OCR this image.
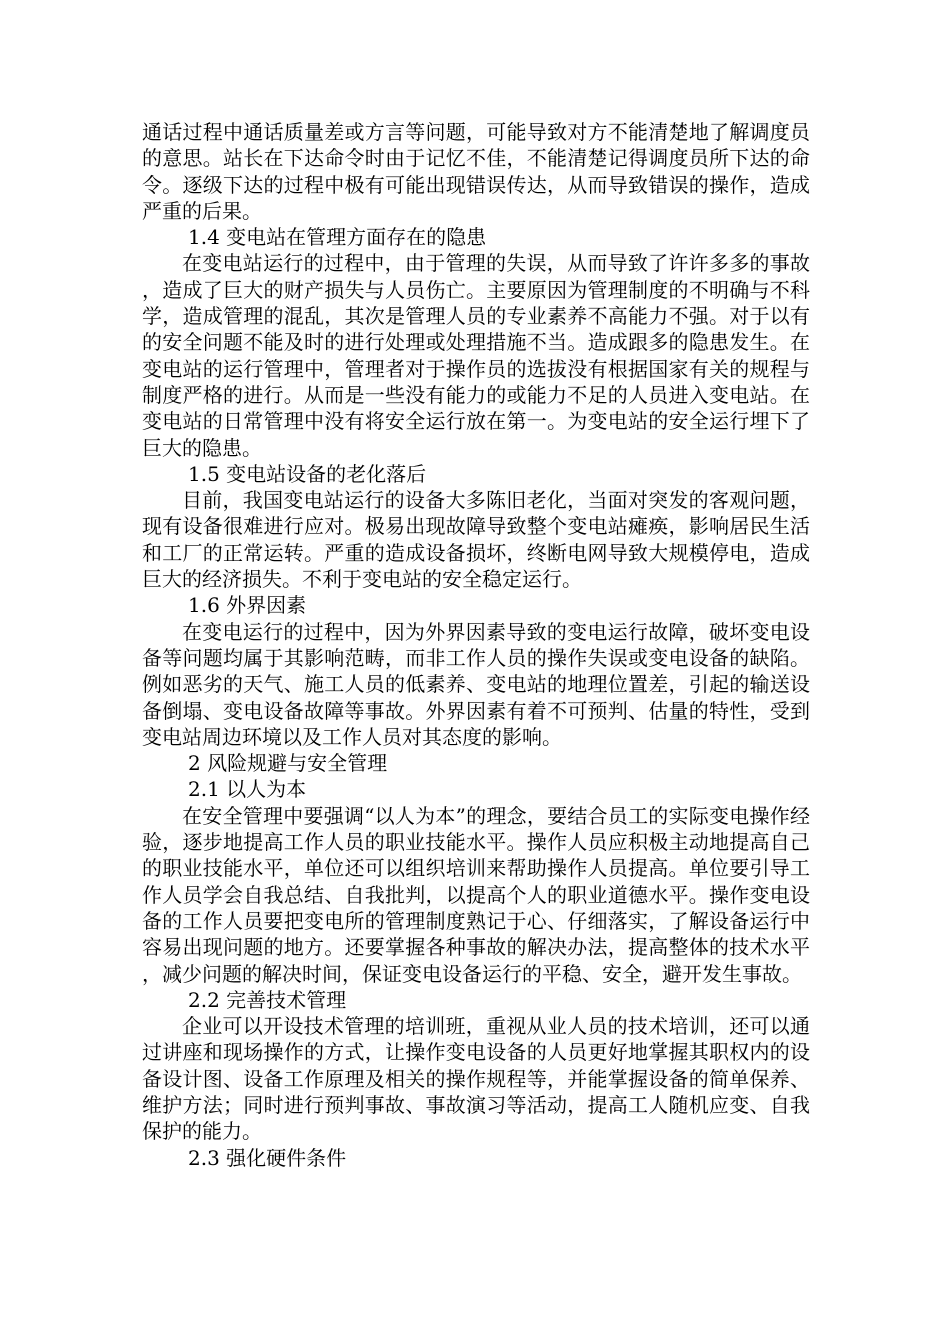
通话过程中通话质量差或方言等问题，可能导致对方不能清楚地了解调度员的意思。站长在下达命令时由于记忆不佳，不能清楚记得调度员所下达的命令。逐级下达的过程中极有可能出现错误传达，从而导致错误的操作，造成严重的后果。

1.4 变电站在管理方面存在的隐患

在变电站运行的过程中，由于管理的失误，从而导致了许许多多的事故，造成了巨大的财产损失与人员伤亡。主要原因为管理制度的不明确与不科学，造成管理的混乱，其次是管理人员的专业素养不高能力不强。对于以有的安全问题不能及时的进行处理或处理措施不当。造成跟多的隐患发生。在变电站的运行管理中，管理者对于操作员的选拔没有根据国家有关的规程与制度严格的进行。从而是一些没有能力的或能力不足的人员进入变电站。在变电站的日常管理中没有将安全运行放在第一。为变电站的安全运行埋下了巨大的隐患。

1.5 变电站设备的老化落后

目前，我国变电站运行的设备大多陈旧老化，当面对突发的客观问题，现有设备很难进行应对。极易出现故障导致整个变电站瘫痪，影响居民生活和工厂的正常运转。严重的造成设备损坏，终断电网导致大规模停电，造成巨大的经济损失。不利于变电站的安全稳定运行。

1.6 外界因素

在变电运行的过程中，因为外界因素导致的变电运行故障，破坏变电设备等问题均属于其影响范畴，而非工作人员的操作失误或变电设备的缺陷。例如恶劣的天气、施工人员的低素养、变电站的地理位置差，引起的输送设备倒塌、变电设备故障等事故。外界因素有着不可预判、估量的特性，受到变电站周边环境以及工作人员对其态度的影响。

2 风险规避与安全管理

2.1 以人为本

在安全管理中要强调“以人为本”的理念，要结合员工的实际变电操作经验，逐步地提高工作人员的职业技能水平。操作人员应积极主动地提高自己的职业技能水平，单位还可以组织培训来帮助操作人员提高。单位要引导工作人员学会自我总结、自我批判，以提高个人的职业道德水平。操作变电设备的工作人员要把变电所的管理制度熟记于心、仔细落实，了解设备运行中容易出现问题的地方。还要掌握各种事故的解决办法，提高整体的技术水平，减少问题的解决时间，保证变电设备运行的平稳、安全，避开发生事故。

2.2 完善技术管理

企业可以开设技术管理的培训班，重视从业人员的技术培训，还可以通过讲座和现场操作的方式，让操作变电设备的人员更好地掌握其职权内的设备设计图、设备工作原理及相关的操作规程等，并能掌握设备的简单保养、维护方法；同时进行预判事故、事故演习等活动，提高工人随机应变、自我保护的能力。

2.3 强化硬件条件
